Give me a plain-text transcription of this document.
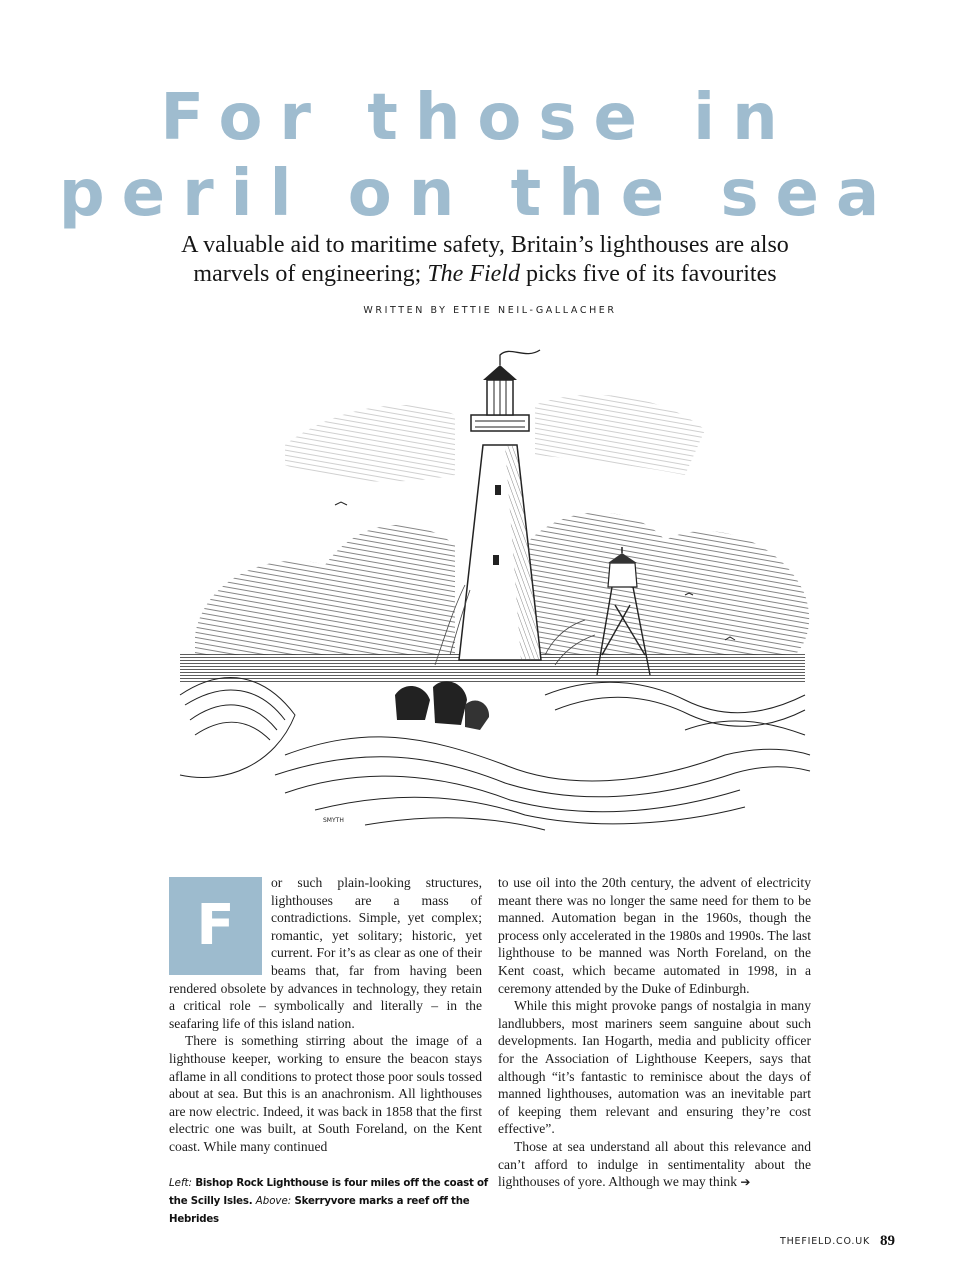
For those in
peril on the sea
A valuable aid to maritime safety, Britain’s lighthouses are also
marvels of engineering; The Field picks five of its favourites
WRITTEN BY ETTIE NEIL-GALLACHER
SMYTH
F

or such plain-looking structures, lighthouses are a mass of contradictions. Simple, yet complex; romantic, yet solitary; historic, yet current. For it’s as clear as one of their beams that, far from having been rendered obsolete by advances in technology, they retain a critical role – symbolically and literally – in the seafaring life of this island nation.

There is something stirring about the image of a lighthouse keeper, working to ensure the beacon stays aflame in all conditions to protect those poor souls tossed about at sea. But this is an anachronism. All lighthouses are now electric. Indeed, it was back in 1858 that the first electric one was built, at South Foreland, on the Kent coast. While many continued

to use oil into the 20th century, the advent of electricity meant there was no longer the same need for them to be manned. Automation began in the 1960s, though the process only accelerated in the 1980s and 1990s. The last lighthouse to be manned was North Foreland, on the Kent coast, which became automated in 1998, in a ceremony attended by the Duke of Edinburgh.

While this might provoke pangs of nostalgia in many landlubbers, most mariners seem sanguine about such developments. Ian Hogarth, media and publicity officer for the Association of Lighthouse Keepers, says that although “it’s fantastic to reminisce about the days of manned lighthouses, automation was an inevitable part of keeping them relevant and ensuring they’re cost effective”.

Those at sea understand all about this relevance and can’t afford to indulge in sentimentality about the lighthouses of yore. Although we may think ➔

Left: Bishop Rock Lighthouse is four miles off the coast of the Scilly Isles. Above: Skerryvore marks a reef off the Hebrides
THEFIELD.CO.UK 89
